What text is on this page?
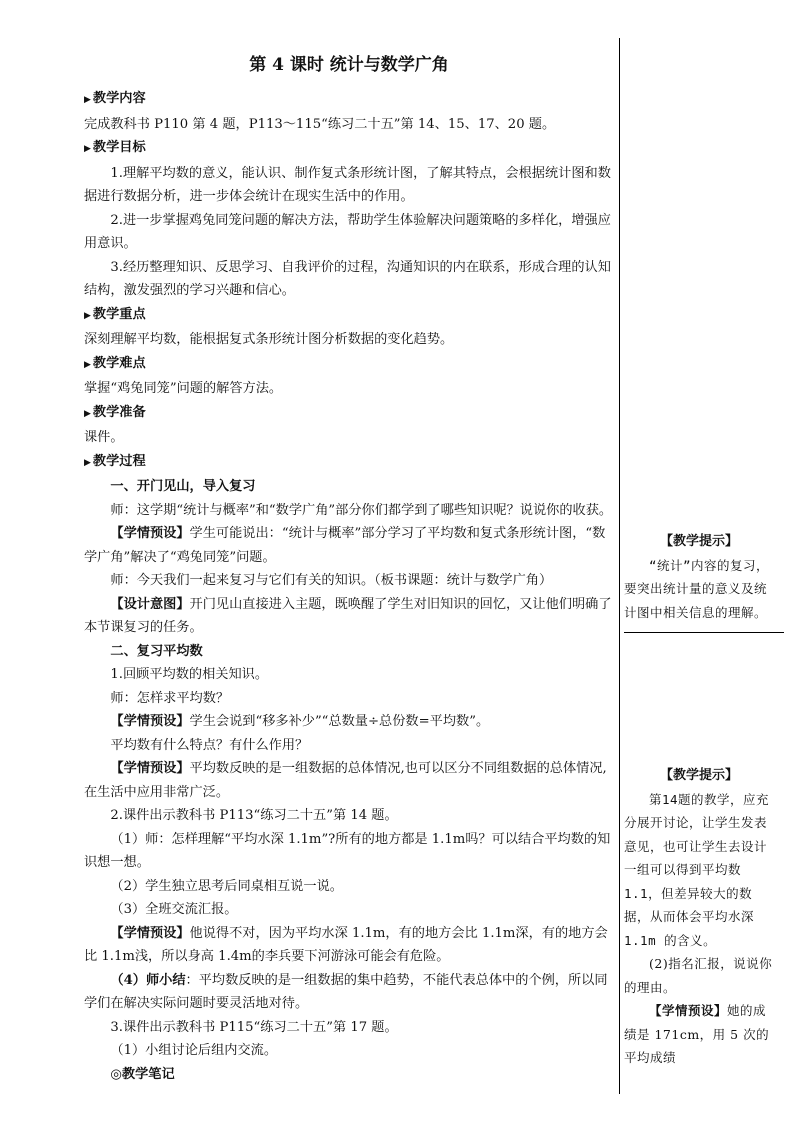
第 4 课时 统计与数学广角

▶ 教学内容

完成教科书 P110 第 4 题，P113～115“练习二十五”第 14、15、17、20 题。

▶ 教学目标

1.理解平均数的意义，能认识、制作复式条形统计图，了解其特点，会根据统计图和数据进行数据分析，进一步体会统计在现实生活中的作用。

2.进一步掌握鸡兔同笼问题的解决方法，帮助学生体验解决问题策略的多样化，增强应用意识。

3.经历整理知识、反思学习、自我评价的过程，沟通知识的内在联系，形成合理的认知结构，激发强烈的学习兴趣和信心。

▶ 教学重点

深刻理解平均数，能根据复式条形统计图分析数据的变化趋势。

▶ 教学难点

掌握“鸡兔同笼”问题的解答方法。

▶ 教学准备

课件。

▶ 教学过程

一、开门见山，导入复习

师：这学期“统计与概率”和“数学广角”部分你们都学到了哪些知识呢？说说你的收获。

【学情预设】学生可能说出：“统计与概率”部分学习了平均数和复式条形统计图，“数学广角”解决了“鸡兔同笼”问题。

师：今天我们一起来复习与它们有关的知识。（板书课题：统计与数学广角）

【设计意图】开门见山直接进入主题，既唤醒了学生对旧知识的回忆，又让他们明确了本节课复习的任务。

二、复习平均数

1.回顾平均数的相关知识。

师：怎样求平均数？

【学情预设】学生会说到“移多补少”“总数量÷总份数=平均数”。

平均数有什么特点？有什么作用？

【学情预设】平均数反映的是一组数据的总体情况,也可以区分不同组数据的总体情况,在生活中应用非常广泛。

2.课件出示教科书 P113“练习二十五”第 14 题。

（1）师：怎样理解“平均水深 1.1m”?所有的地方都是 1.1m吗？可以结合平均数的知识想一想。

（2）学生独立思考后同桌相互说一说。

（3）全班交流汇报。

【学情预设】他说得不对，因为平均水深 1.1m，有的地方会比 1.1m深，有的地方会比 1.1m浅，所以身高 1.4m的李兵要下河游泳可能会有危险。

（4）师小结：平均数反映的是一组数据的集中趋势，不能代表总体中的个例，所以同学们在解决实际问题时要灵活地对待。

3.课件出示教科书 P115“练习二十五”第 17 题。

（1）小组讨论后组内交流。

◎教学笔记

【教学提示】

“统计”内容的复习，要突出统计量的意义及统计图中相关信息的理解。

【教学提示】

第14题的教学，应充分展开讨论，让学生发表意见，也可让学生去设计一组可以得到平均数1.1，但差异较大的数据，从而体会平均水深1.1m 的含义。

(2)指名汇报，说说你的理由。

【学情预设】她的成绩是 171cm，用 5 次的平均成绩
